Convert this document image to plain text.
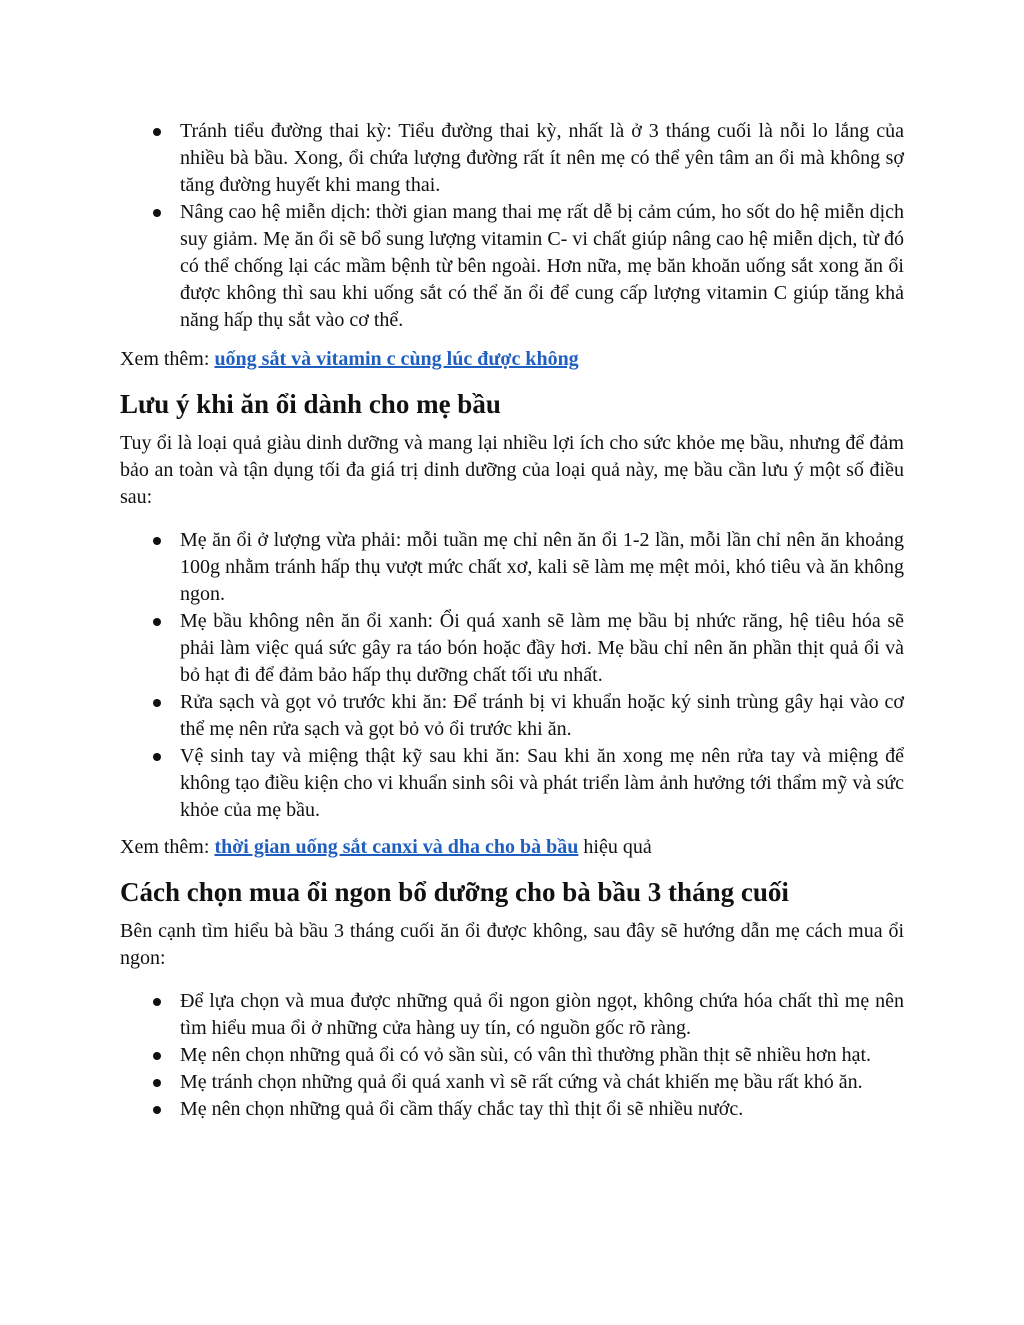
Tránh tiểu đường thai kỳ: Tiểu đường thai kỳ, nhất là ở 3 tháng cuối là nỗi lo lắng của nhiều bà bầu. Xong, ổi chứa lượng đường rất ít nên mẹ có thể yên tâm an ổi mà không sợ tăng đường huyết khi mang thai.
Nâng cao hệ miễn dịch: thời gian mang thai mẹ rất dễ bị cảm cúm, ho sốt do hệ miễn dịch suy giảm. Mẹ ăn ổi sẽ bổ sung lượng vitamin C- vi chất giúp nâng cao hệ miễn dịch, từ đó có thể chống lại các mầm bệnh từ bên ngoài. Hơn nữa, mẹ băn khoăn uống sắt xong ăn ổi được không thì sau khi uống sắt có thể ăn ổi để cung cấp lượng vitamin C giúp tăng khả năng hấp thụ sắt vào cơ thể.

Xem thêm: uống sắt và vitamin c cùng lúc được không

Lưu ý khi ăn ổi dành cho mẹ bầu

Tuy ổi là loại quả giàu dinh dưỡng và mang lại nhiều lợi ích cho sức khỏe mẹ bầu, nhưng để đảm bảo an toàn và tận dụng tối đa giá trị dinh dưỡng của loại quả này, mẹ bầu cần lưu ý một số điều sau:

Mẹ ăn ổi ở lượng vừa phải: mỗi tuần mẹ chỉ nên ăn ổi 1-2 lần, mỗi lần chỉ nên ăn khoảng 100g nhằm tránh hấp thụ vượt mức chất xơ, kali sẽ làm mẹ mệt mỏi, khó tiêu và ăn không ngon.
Mẹ bầu không nên ăn ổi xanh: Ổi quá xanh sẽ làm mẹ bầu bị nhức răng, hệ tiêu hóa sẽ phải làm việc quá sức gây ra táo bón hoặc đầy hơi. Mẹ bầu chỉ nên ăn phần thịt quả ổi và bỏ hạt đi để đảm bảo hấp thụ dưỡng chất tối ưu nhất.
Rửa sạch và gọt vỏ trước khi ăn: Để tránh bị vi khuẩn hoặc ký sinh trùng gây hại vào cơ thể mẹ nên rửa sạch và gọt bỏ vỏ ổi trước khi ăn.
Vệ sinh tay và miệng thật kỹ sau khi ăn: Sau khi ăn xong mẹ nên rửa tay và miệng để không tạo điều kiện cho vi khuẩn sinh sôi và phát triển làm ảnh hưởng tới thẩm mỹ và sức khỏe của mẹ bầu.

Xem thêm: thời gian uống sắt canxi và dha cho bà bầu hiệu quả

Cách chọn mua ổi ngon bổ dưỡng cho bà bầu 3 tháng cuối

Bên cạnh tìm hiểu bà bầu 3 tháng cuối ăn ổi được không, sau đây sẽ hướng dẫn mẹ cách mua ổi ngon:

Để lựa chọn và mua được những quả ổi ngon giòn ngọt, không chứa hóa chất thì mẹ nên tìm hiểu mua ổi ở những cửa hàng uy tín, có nguồn gốc rõ ràng.
Mẹ nên chọn những quả ổi có vỏ sần sùi, có vân thì thường phần thịt sẽ nhiều hơn hạt.
Mẹ tránh chọn những quả ổi quá xanh vì sẽ rất cứng và chát khiến mẹ bầu rất khó ăn.
Mẹ nên chọn những quả ổi cầm thấy chắc tay thì thịt ổi sẽ nhiều nước.
